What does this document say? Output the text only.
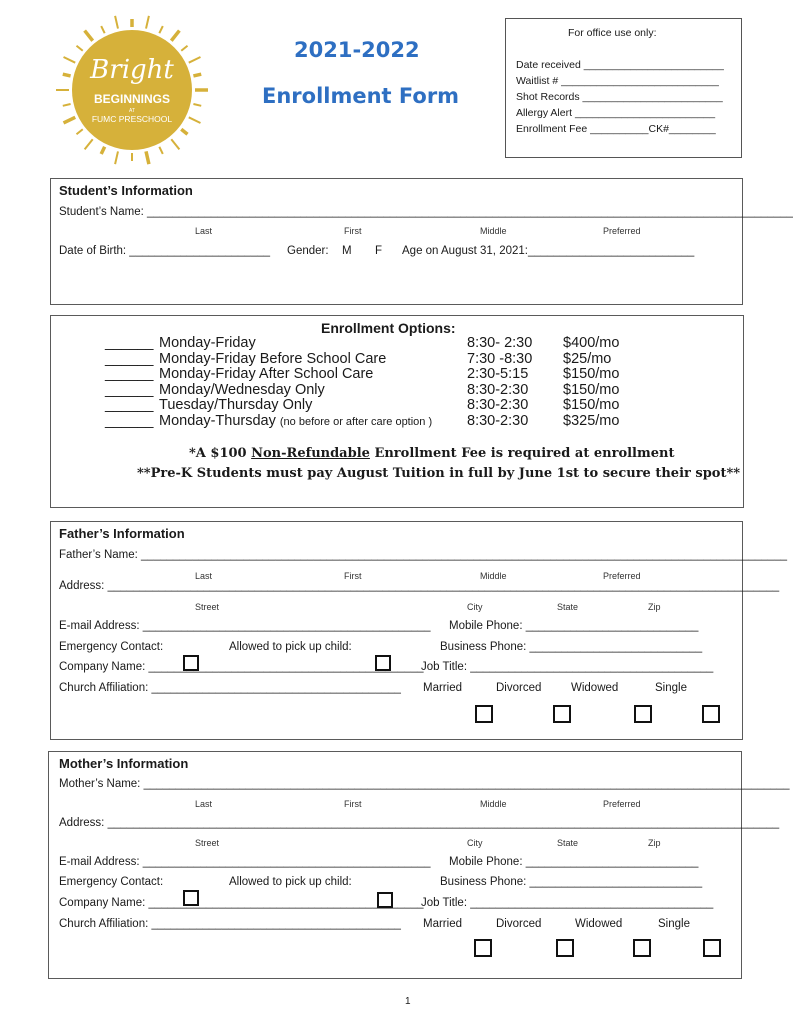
Bright
BEGINNINGS
AT
FUMC PRESCHOOL
2021-2022
Enrollment Form
For office use only:
Date received ________________________
Waitlist # ___________________________
Shot Records ________________________
Allergy Alert ________________________
Enrollment Fee __________CK#________
Student’s Information
Student’s Name: _____________________________________________________________________________________________________
Last	First	Middle	Preferred
Date of Birth: ______________________ Gender: M F Age on August 31, 2021:__________________________
Enrollment Options:
______ Monday-Friday	8:30- 2:30 $400/mo
______ Monday-Friday Before School Care	7:30 -8:30 $25/mo
______ Monday-Friday After School Care	2:30-5:15 $150/mo
______ Monday/Wednesday Only	8:30-2:30 $150/mo
______ Tuesday/Thursday Only	8:30-2:30 $150/mo
______ Monday-Thursday (no before or after care option ) 8:30-2:30 $325/mo
*A $100 Non-Refundable Enrollment Fee is required at enrollment
**Pre-K Students must pay August Tuition in full by June 1st to secure their spot**
Father’s Information
Father’s Name: _____________________________________________________________________________________________________
Last	First	Middle	Preferred
Address: _________________________________________________________________________________________________________
Street	City	State	Zip
E-mail Address: _____________________________________________	Mobile Phone: ___________________________
Emergency Contact:	Allowed to pick up child:	Business Phone: ___________________________
Company Name: ___________________________________________
Job Title: ______________________________________
Church Affiliation: _______________________________________	Married	Divorced	Widowed	Single
Mother’s Information
Mother’s Name: _____________________________________________________________________________________________________
Last	First	Middle	Preferred
Address: _________________________________________________________________________________________________________
Street	City	State	Zip
E-mail Address: _____________________________________________	Mobile Phone: ___________________________
Emergency Contact:	Allowed to pick up child:	Business Phone: ___________________________
Company Name: ___________________________________________
Job Title: ______________________________________
Church Affiliation: _______________________________________	Married	Divorced	Widowed	Single
1
